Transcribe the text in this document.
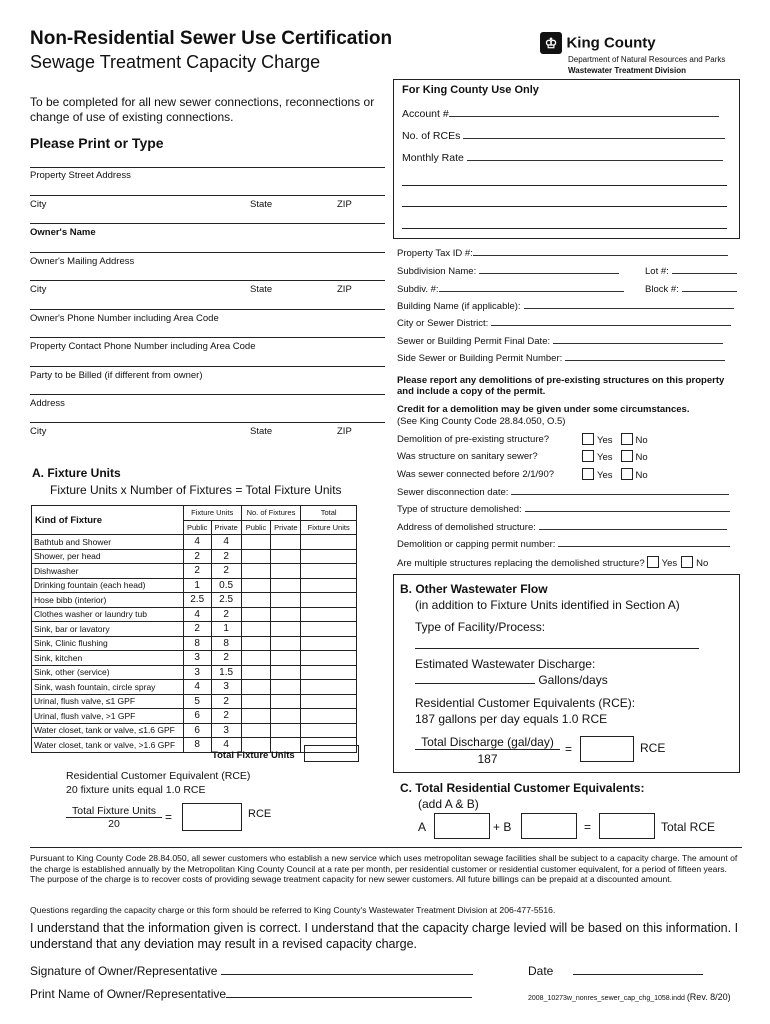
Non-Residential Sewer Use Certification
Sewage Treatment Capacity Charge
♔ King County
Department of Natural Resources and Parks
Wastewater Treatment Division
To be completed for all new sewer connections, reconnections or change of use of existing connections.
Please Print or Type
Property Street Address
City	State	ZIP
Owner's Name
Owner's Mailing Address
City	State	ZIP
Owner's Phone Number including Area Code
Property Contact Phone Number including Area Code
Party to be Billed (if different from owner)
Address
City	State	ZIP
For King County Use Only
Account #
No. of RCEs
Monthly Rate
Property Tax ID #:
Subdivision Name:	Lot #:
Subdiv. #:	Block #:
Building Name (if applicable):
City or Sewer District:
Sewer or Building Permit Final Date:
Side Sewer or Building Permit Number:
Please report any demolitions of pre-existing structures on this property and include a copy of the permit.
Credit for a demolition may be given under some circumstances.
(See King County Code 28.84.050, O.5)
Demolition of pre-existing structure?	Yes No
Was structure on sanitary sewer?	Yes No
Was sewer connected before 2/1/90?	Yes No
Sewer disconnection date:
Type of structure demolished:
Address of demolished structure:
Demolition or capping permit number:
Are multiple structures replacing the demolished structure? Yes No
A. Fixture Units
Fixture Units x Number of Fixtures = Total Fixture Units
Kind of Fixture	Fixture Units		No. of Fixtures		Total
	Public	Private	Public	Private	Fixture Units
Bathtub and Shower	4	4			
Shower, per head	2	2			
Dishwasher	2	2			
Drinking fountain (each head)	1	0.5			
Hose bibb (interior)	2.5	2.5			
Clothes washer or laundry tub	4	2			
Sink, bar or lavatory	2	1			
Sink, Clinic flushing	8	8			
Sink, kitchen	3	2			
Sink, other (service)	3	1.5			
Sink, wash fountain, circle spray	4	3			
Urinal, flush valve, ≤1 GPF	5	2			
Urinal, flush valve, >1 GPF	6	2			
Water closet, tank or valve, ≤1.6 GPF	6	3			
Water closet, tank or valve, >1.6 GPF	8	4			
Total Fixture Units
Residential Customer Equivalent (RCE)
20 fixture units equal 1.0 RCE
Total Fixture Units
20	=	RCE
B. Other Wastewater Flow
(in addition to Fixture Units identified in Section A)
Type of Facility/Process:
Estimated Wastewater Discharge:
Gallons/days
Residential Customer Equivalents (RCE):
187 gallons per day equals 1.0 RCE
Total Discharge (gal/day)
187
=	RCE
C. Total Residential Customer Equivalents:
(add A & B)
A	+ B	=	Total RCE
Pursuant to King County Code 28.84.050, all sewer customers who establish a new service which uses metropolitan sewage facilities shall be subject to a capacity charge. The amount of the charge is established annually by the Metropolitan King County Council at a rate per month, per residential customer or residential customer equivalent, for a period of fifteen years. The purpose of the charge is to recover costs of providing sewage treatment capacity for new sewer customers. All future billings can be prepaid at a discounted amount.
Questions regarding the capacity charge or this form should be referred to King County's Wastewater Treatment Division at 206-477-5516.
I understand that the information given is correct. I understand that the capacity charge levied will be based on this information. I understand that any deviation may result in a revised capacity charge.
Signature of Owner/Representative	Date
Print Name of Owner/Representative	2008_10273w_nonres_sewer_cap_chg_1058.indd (Rev. 8/20)
